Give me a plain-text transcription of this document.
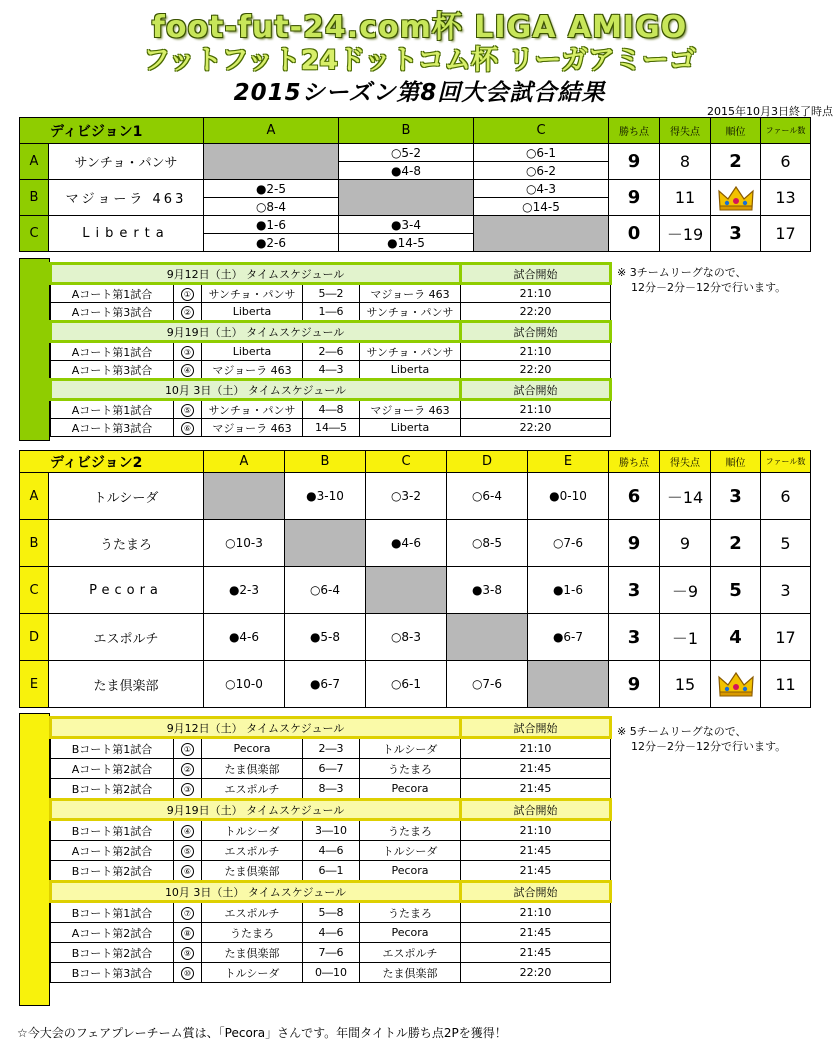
foot-fut-24.com杯 LIGA AMIGO
フットフット24ドットコム杯 リーガアミーゴ
2015シーズン第8回大会試合結果
2015年10月3日終了時点
ディビジョン1		A	B	C	勝ち点	得失点	順位	ファール数
A	サンチョ・パンサ		○5-2	○6-1	9	8	2	6
			●4-8	○6-2				
B	マジョーラ 463	●2-5		○4-3	9	11		13
		○8-4		○14-5				
C	Liberta	●1-6	●3-4		0	－19	3	17
		●2-6	●14-5					
9月12日（土） タイムスケジュール					試合開始
Aコート第1試合	①	サンチョ・パンサ	5―2	マジョーラ 463	21:10
Aコート第3試合	②	Liberta	1―6	サンチョ・パンサ	22:20
9月19日（土） タイムスケジュール					試合開始
Aコート第1試合	③	Liberta	2―6	サンチョ・パンサ	21:10
Aコート第3試合	④	マジョーラ 463	4―3	Liberta	22:20
10月 3日（土） タイムスケジュール					試合開始
Aコート第1試合	⑤	サンチョ・パンサ	4―8	マジョーラ 463	21:10
Aコート第3試合	⑥	マジョーラ 463	14―5	Liberta	22:20
※ 3チームリーグなので、
12分－2分－12分で行います。
ディビジョン2		A	B	C	D	E	勝ち点	得失点	順位	ファール数
A	トルシーダ		●3-10	○3-2	○6-4	●0-10	6	－14	3	6
B	うたまろ	○10-3		●4-6	○8-5	○7-6	9	9	2	5
C	Pecora	●2-3	○6-4		●3-8	●1-6	3	－9	5	3
D	エスポルチ	●4-6	●5-8	○8-3		●6-7	3	－1	4	17
E	たま倶楽部	○10-0	●6-7	○6-1	○7-6		9	15		11
9月12日（土） タイムスケジュール					試合開始
Bコート第1試合	①	Pecora	2―3	トルシーダ	21:10
Aコート第2試合	②	たま倶楽部	6―7	うたまろ	21:45
Bコート第2試合	③	エスポルチ	8―3	Pecora	21:45
9月19日（土） タイムスケジュール					試合開始
Bコート第1試合	④	トルシーダ	3―10	うたまろ	21:10
Aコート第2試合	⑤	エスポルチ	4―6	トルシーダ	21:45
Bコート第2試合	⑥	たま倶楽部	6―1	Pecora	21:45
10月 3日（土） タイムスケジュール					試合開始
Bコート第1試合	⑦	エスポルチ	5―8	うたまろ	21:10
Aコート第2試合	⑧	うたまろ	4―6	Pecora	21:45
Bコート第2試合	⑨	たま倶楽部	7―6	エスポルチ	21:45
Bコート第3試合	⑩	トルシーダ	0―10	たま倶楽部	22:20
※ 5チームリーグなので、
12分－2分－12分で行います。
☆今大会のフェアプレーチーム賞は、「Pecora」さんです。年間タイトル勝ち点2Pを獲得！
